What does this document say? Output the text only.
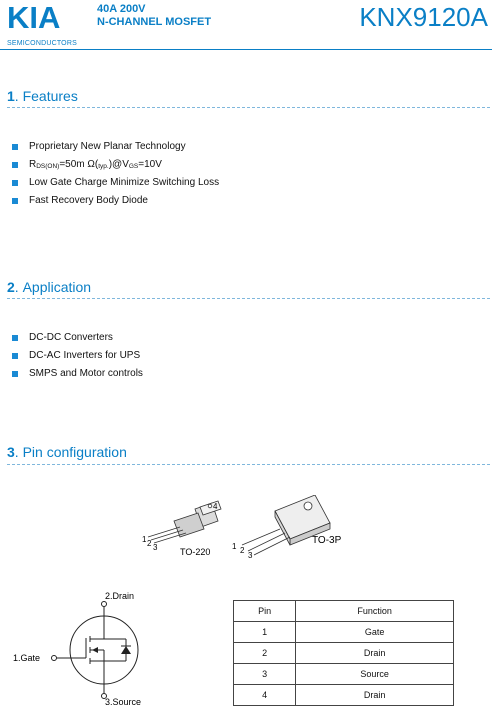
KIA
SEMICONDUCTORS
40A 200V
N-CHANNEL MOSFET	KNX9120A
1. Features
Proprietary New Planar Technology
$R_{DS(ON)}=50m$ $\Omega(_{typ.})@V_{GS}=10V$
Low Gate Charge Minimize Switching Loss
Fast Recovery Body Diode
2. Application
DC-DC Converters
DC-AC Inverters for UPS
SMPS and Motor controls
3. Pin configuration
4
1 2 3	TO-220
1 2
3
TO-3P
2.Drain
1.Gate
3.Source
Pin	Function
1	Gate
2	Drain
3	Source
4	Drain
